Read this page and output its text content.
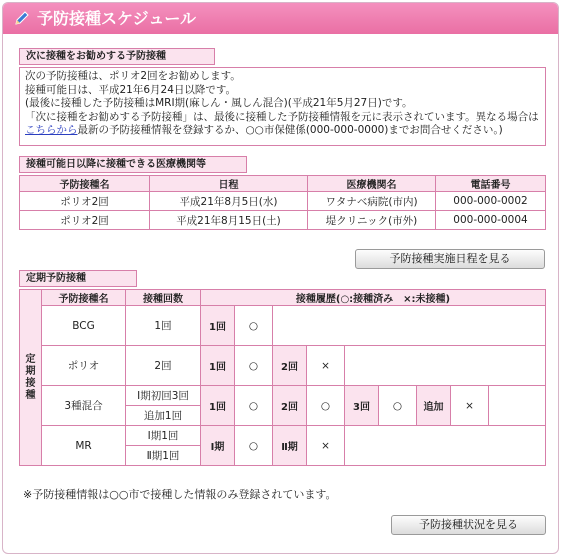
予防接種スケジュール
次に接種をお勧めする予防接種
次の予防接種は、ポリオ2回をお勧めします。
接種可能日は、平成21年6月24日以降です。
(最後に接種した予防接種はMRⅠ期(麻しん・風しん混合)(平成21年5月27日)です。
「次に接種をお勧めする予防接種」は、最後に接種した予防接種情報を元に表示されています。異なる場合はこちらから最新の予防接種情報を登録するか、○○市保健係(000-000-0000)までお問合せください。)
接種可能日以降に接種できる医療機関等
予防接種名	日程	医療機関名	電話番号
ポリオ2回	平成21年8月5日(水)	ワタナベ病院(市内)	000-000-0002
ポリオ2回	平成21年8月15日(土)	堤クリニック(市外)	000-000-0004
予防接種実施日程を見る
定期予防接種
定期接種	予防接種名	接種回数	接種履歴(○:接種済み　×:未接種)								
	BCG	1回	1回	○							
	ポリオ	2回	1回	○	2回	×					
	3種混合	Ⅰ期初回3回	1回	○	2回	○	3回	○	追加	×	
		追加1回									
	MR	Ⅰ期1回	Ⅰ期	○	Ⅱ期	×					
		Ⅱ期1回									
※予防接種情報は○○市で接種した情報のみ登録されています。
予防接種状況を見る
